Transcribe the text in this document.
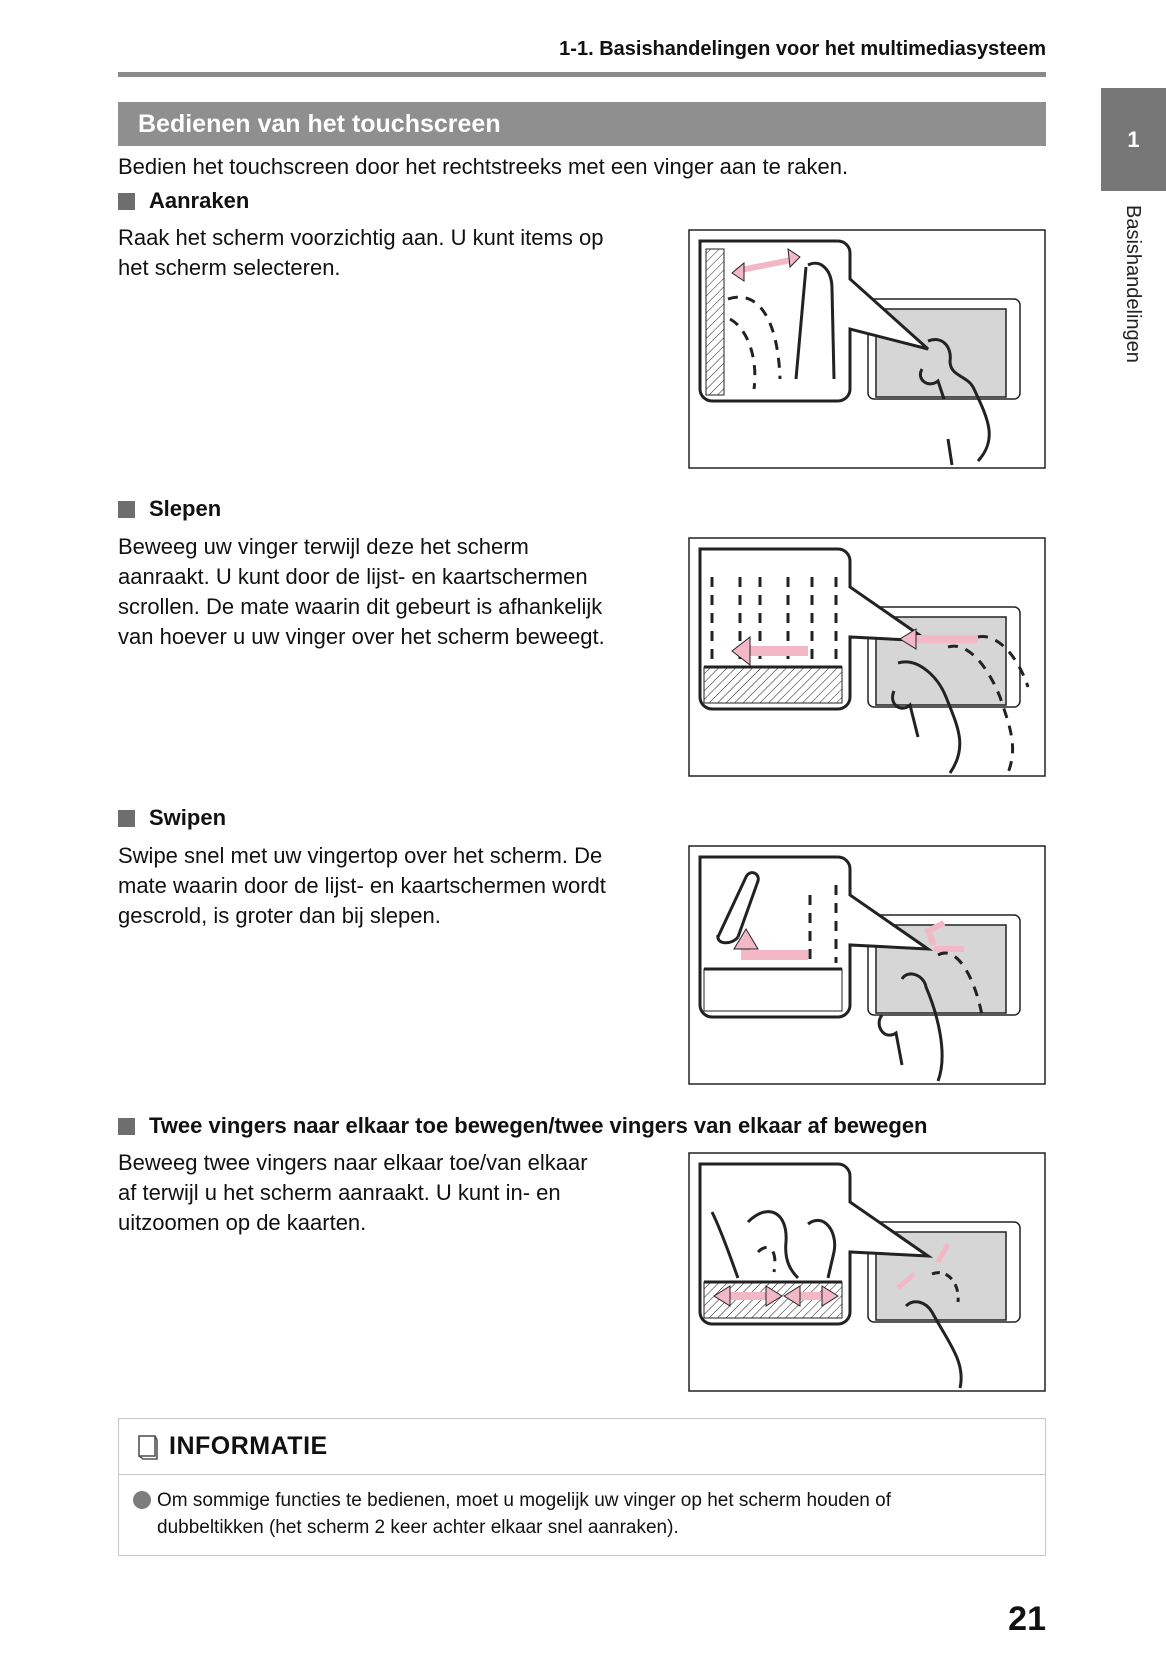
1-1. Basishandelingen voor het multimediasysteem
1
Basishandelingen
Bedienen van het touchscreen
Bedien het touchscreen door het rechtstreeks met een vinger aan te raken.
Aanraken
Raak het scherm voorzichtig aan. U kunt items op
het scherm selecteren.
Slepen
Beweeg uw vinger terwijl deze het scherm
aanraakt. U kunt door de lijst- en kaartschermen
scrollen. De mate waarin dit gebeurt is afhankelijk
van hoever u uw vinger over het scherm beweegt.
Swipen
Swipe snel met uw vingertop over het scherm. De
mate waarin door de lijst- en kaartschermen wordt
gescrold, is groter dan bij slepen.
Twee vingers naar elkaar toe bewegen/twee vingers van elkaar af bewegen
Beweeg twee vingers naar elkaar toe/van elkaar
af terwijl u het scherm aanraakt. U kunt in- en
uitzoomen op de kaarten.
INFORMATIE
Om sommige functies te bedienen, moet u mogelijk uw vinger op het scherm houden of
dubbeltikken (het scherm 2 keer achter elkaar snel aanraken).
21
